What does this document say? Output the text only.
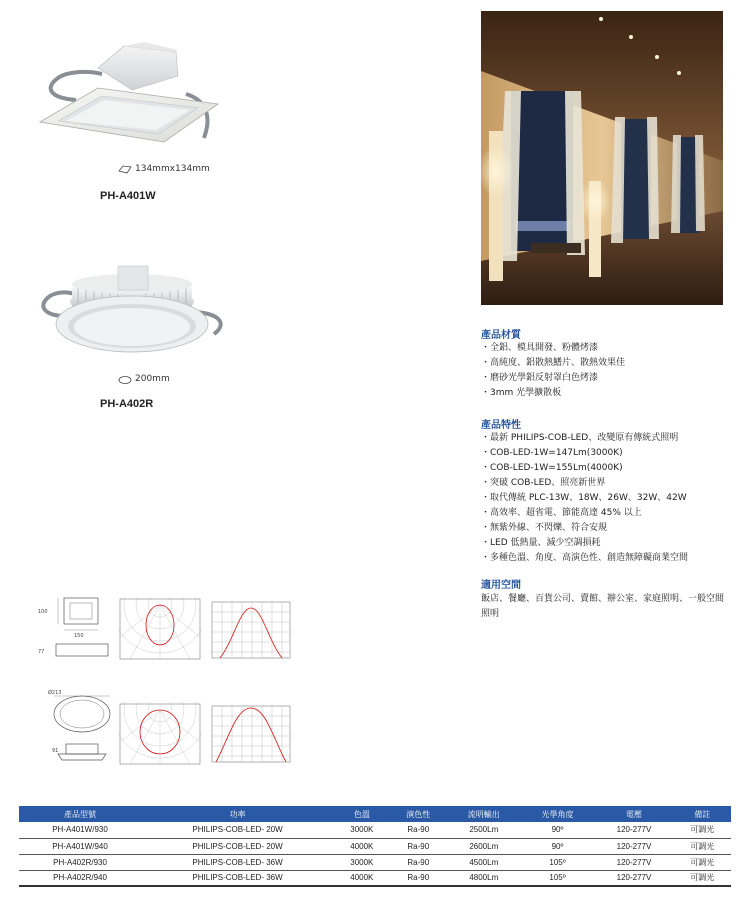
134mmx134mm
PH-A401W
200mm
PH-A402R
產品材質
・ 全鋁、模具開發、粉體烤漆
・ 高純度、鋁散熱鰭片、散熱效果佳
・ 磨砂光學鋁反射罩白色烤漆
・ 3mm 光學擴散板
產品特性
・ 最新 PHILIPS-COB-LED、改變原有傳統式照明
・ COB-LED-1W=147Lm(3000K)
・ COB-LED-1W=155Lm(4000K)
・ 突破 COB-LED、照亮新世界
・ 取代傳統 PLC-13W、18W、26W、32W、42W
・ 高效率、超省電、節能高達 45% 以上
・ 無紫外線、不閃爍、符合安規
・ LED 低熱量、減少空調損耗
・ 多種色溫、角度、高演色性、創造無障礙商業空間
適用空間
飯店、餐廳、百貨公司、賣館、辦公室、家庭照明、一般空間照明
100
150
77
Ø213
91
產品型號	功率	色溫	演色性	流明輸出	光學角度	電壓	備註
PH-A401W/930	PHILIPS-COB-LED- 20W	3000K	Ra-90	2500Lm	90º	120-277V	可調光
PH-A401W/940	PHILIPS-COB-LED- 20W	4000K	Ra-90	2600Lm	90º	120-277V	可調光
PH-A402R/930	PHILIPS-COB-LED- 36W	3000K	Ra-90	4500Lm	105º	120-277V	可調光
PH-A402R/940	PHILIPS-COB-LED- 36W	4000K	Ra-90	4800Lm	105º	120-277V	可調光
